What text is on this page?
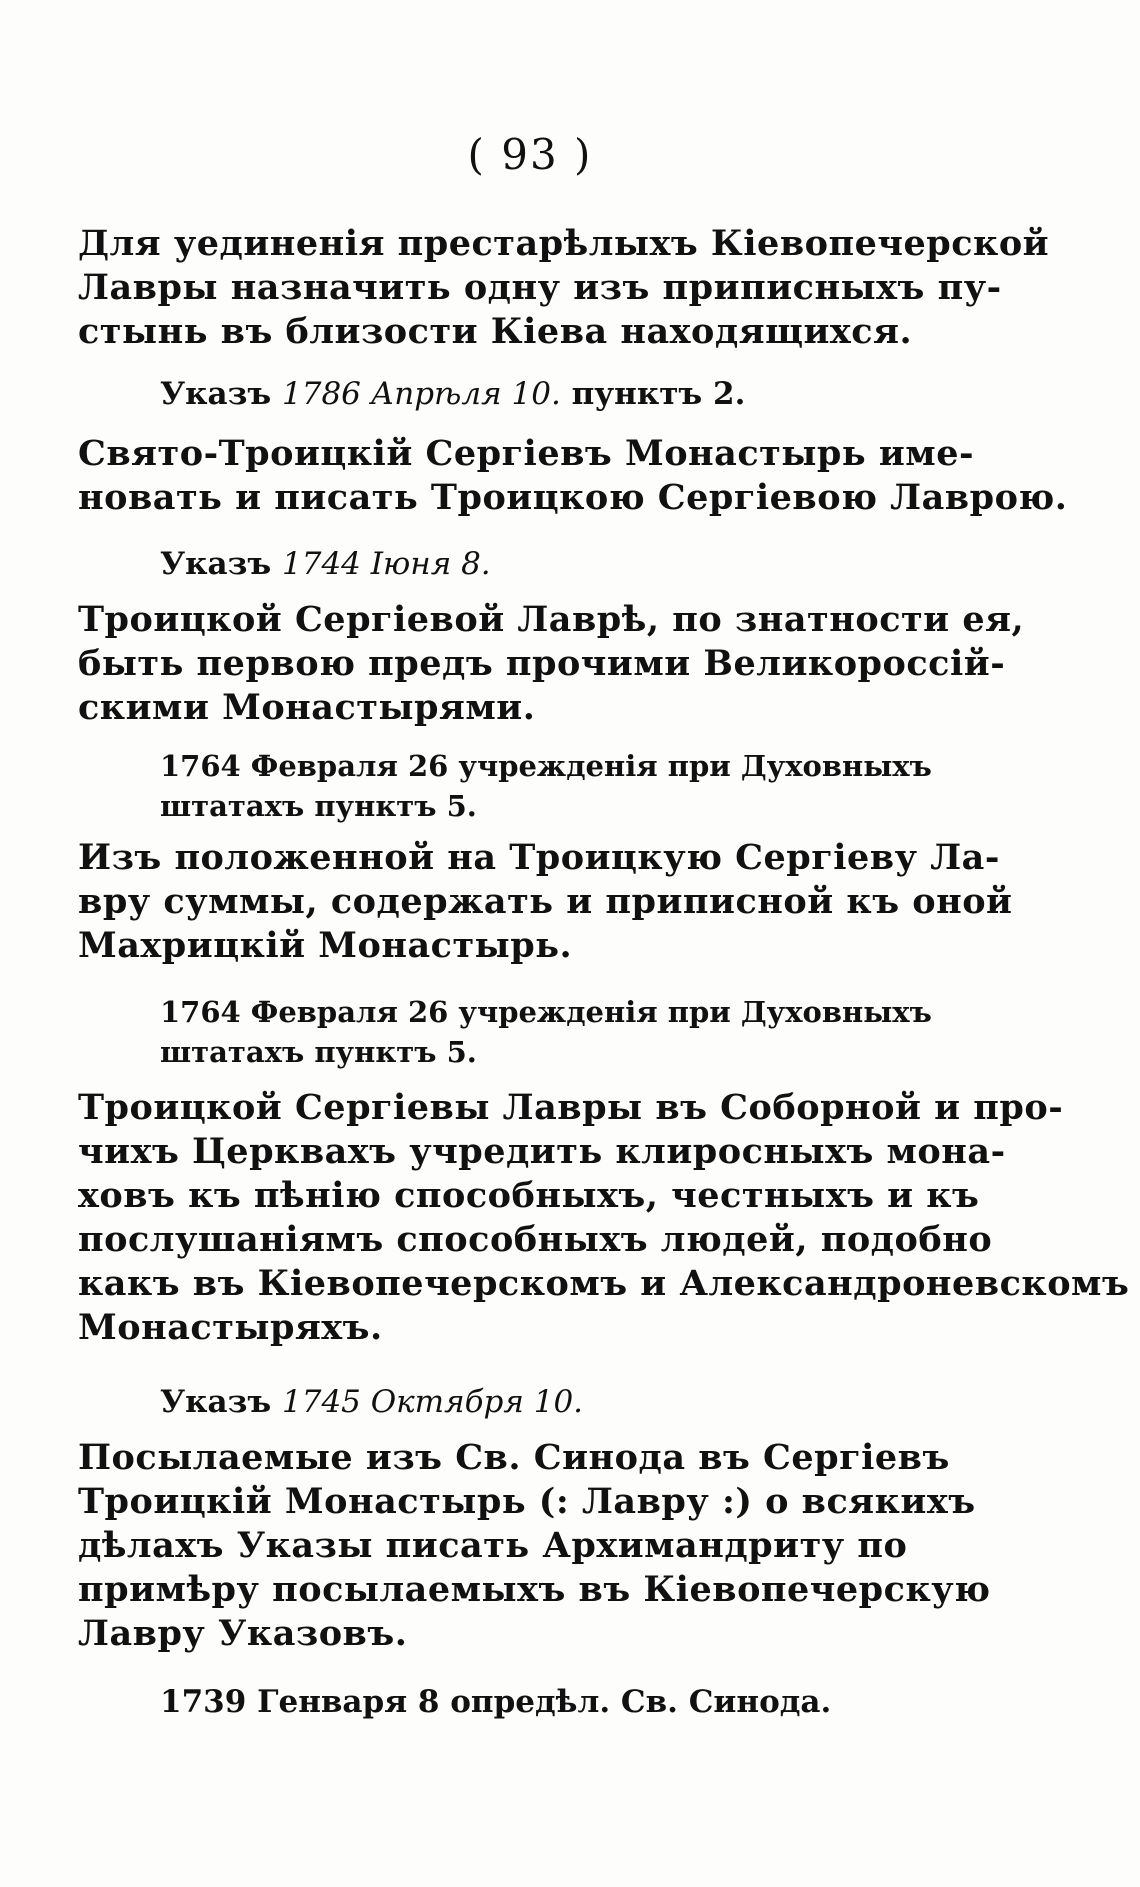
( 93 )

Для уединенія престарѣлыхъ Кіевопечерской
Лавры назначить одну изъ приписныхъ пу-
стынь въ близости Кіева находящихся.

Указъ 1786 Апрѣля 10. пунктъ 2.

Свято-Троицкій Сергіевъ Монастырь име-
новать и писать Троицкою Сергіевою Лаврою.

Указъ 1744 Іюня 8.

Троицкой Сергіевой Лаврѣ, по знатности ея,
быть первою предъ прочими Великороссій-
скими Монастырями.

1764 Февраля 26 учрежденія при Духовныхъ
штатахъ пунктъ 5.

Изъ положенной на Троицкую Сергіеву Ла-
вру суммы, содержать и приписной къ оной
Махрицкій Монастырь.

1764 Февраля 26 учрежденія при Духовныхъ
штатахъ пунктъ 5.

Троицкой Сергіевы Лавры въ Соборной и про-
чихъ Церквахъ учредить клиросныхъ мона-
ховъ къ пѣнію способныхъ, честныхъ и къ
послушаніямъ способныхъ людей, подобно
какъ въ Кіевопечерскомъ и Александроневскомъ
Монастыряхъ.

Указъ 1745 Октября 10.

Посылаемые изъ Св. Синода въ Сергіевъ
Троицкій Монастырь (: Лавру :) о всякихъ
дѣлахъ Указы писать Архимандриту по
примѣру посылаемыхъ въ Кіевопечерскую
Лавру Указовъ.

1739 Генваря 8 опредѣл. Св. Синода.
